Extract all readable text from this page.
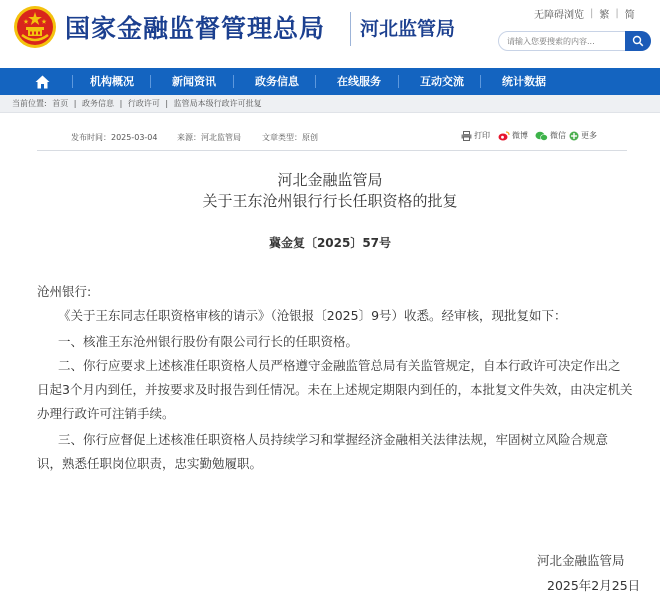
国家金融监督管理总局 河北监管局
无障碍浏览 | 繁 | 简
请输入您要搜索的内容...
机构概况	新闻资讯	政务信息	在线服务	互动交流	统计数据
当前位置: 首页 | 政务信息 | 行政许可 | 监管局本级行政许可批复
发布时间：2025-03-04 来源：河北监管局	文章类型：原创	打印	微博	微信 更多
河北金融监管局
关于王东沧州银行行长任职资格的批复
冀金复〔2025〕57号
沧州银行:
《关于王东同志任职资格审核的请示》（沧银报〔2025〕9号）收悉。经审核，现批复如下：
一、核准王东沧州银行股份有限公司行长的任职资格。
二、你行应要求上述核准任职资格人员严格遵守金融监管总局有关监管规定，自本行政许可决定作出之
日起3个月内到任，并按要求及时报告到任情况。未在上述规定期限内到任的，本批复文件失效，由决定机关
办理行政许可注销手续。
三、你行应督促上述核准任职资格人员持续学习和掌握经济金融相关法律法规，牢固树立风险合规意
识，熟悉任职岗位职责，忠实勤勉履职。
河北金融监管局
2025年2月25日
